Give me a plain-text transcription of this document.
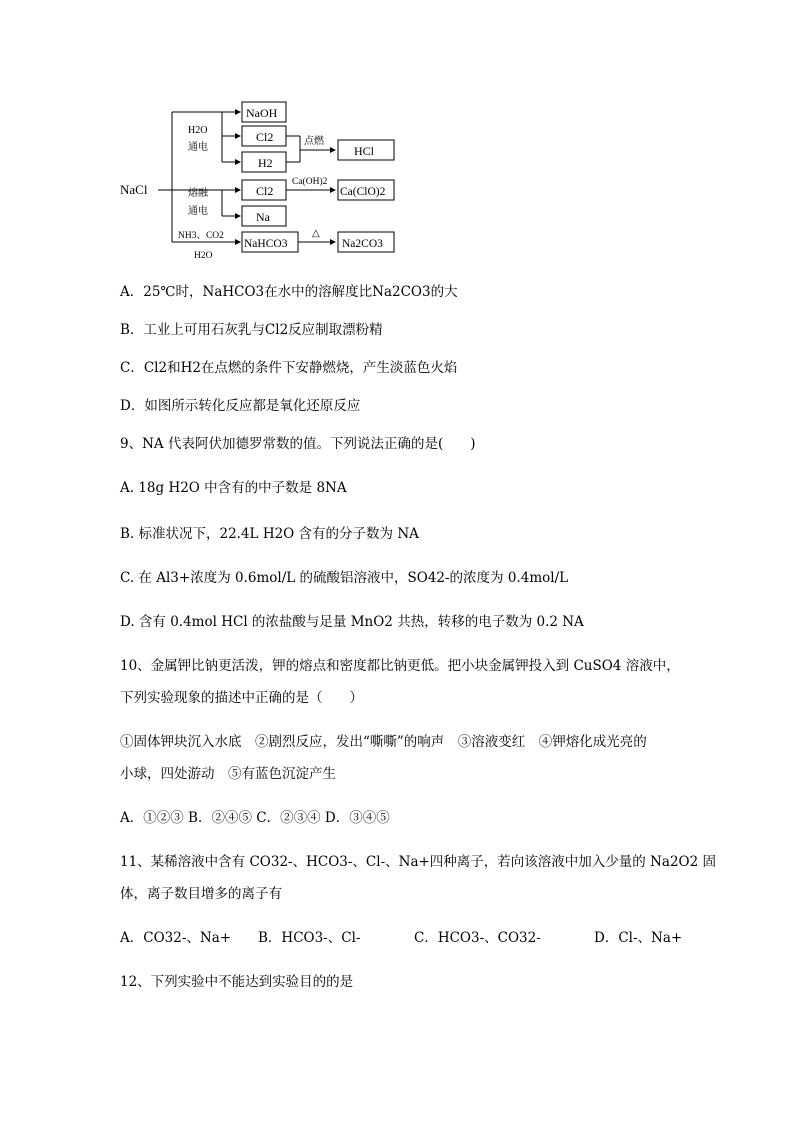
NaCl
H2O
通电
NaOH
Cl2
H2
点燃
HCl
熔融
通电
Cl2
Na
Ca(OH)2
Ca(ClO)2
NH3、CO2
H2O
NaHCO3
△
Na2CO3
A．25℃时，NaHCO3在水中的溶解度比Na2CO3的大
B．工业上可用石灰乳与Cl2反应制取漂粉精
C．Cl2和H2在点燃的条件下安静燃烧，产生淡蓝色火焰
D．如图所示转化反应都是氧化还原反应
9、NA 代表阿伏加德罗常数的值。下列说法正确的是(　　)
A. 18g H2O 中含有的中子数是 8NA
B. 标准状况下，22.4L H2O 含有的分子数为 NA
C. 在 Al3+浓度为 0.6mol/L 的硫酸铝溶液中，SO42-的浓度为 0.4mol/L
D. 含有 0.4mol HCl 的浓盐酸与足量 MnO2 共热，转移的电子数为 0.2 NA
10、金属钾比钠更活泼，钾的熔点和密度都比钠更低。把小块金属钾投入到 CuSO4 溶液中，
下列实验现象的描述中正确的是（　　）
①固体钾块沉入水底　②剧烈反应，发出“嘶嘶”的响声　③溶液变红　④钾熔化成光亮的
小球，四处游动　⑤有蓝色沉淀产生
A．①②③ B．②④⑤ C．②③④ D．③④⑤
11、某稀溶液中含有 CO32-、HCO3-、Cl-、Na+四种离子，若向该溶液中加入少量的 Na2O2 固
体，离子数目增多的离子有
A．CO32-、Na+ B．HCO3-、Cl-	C．HCO3-、CO32-	D．Cl-、Na+
12、下列实验中不能达到实验目的的是
